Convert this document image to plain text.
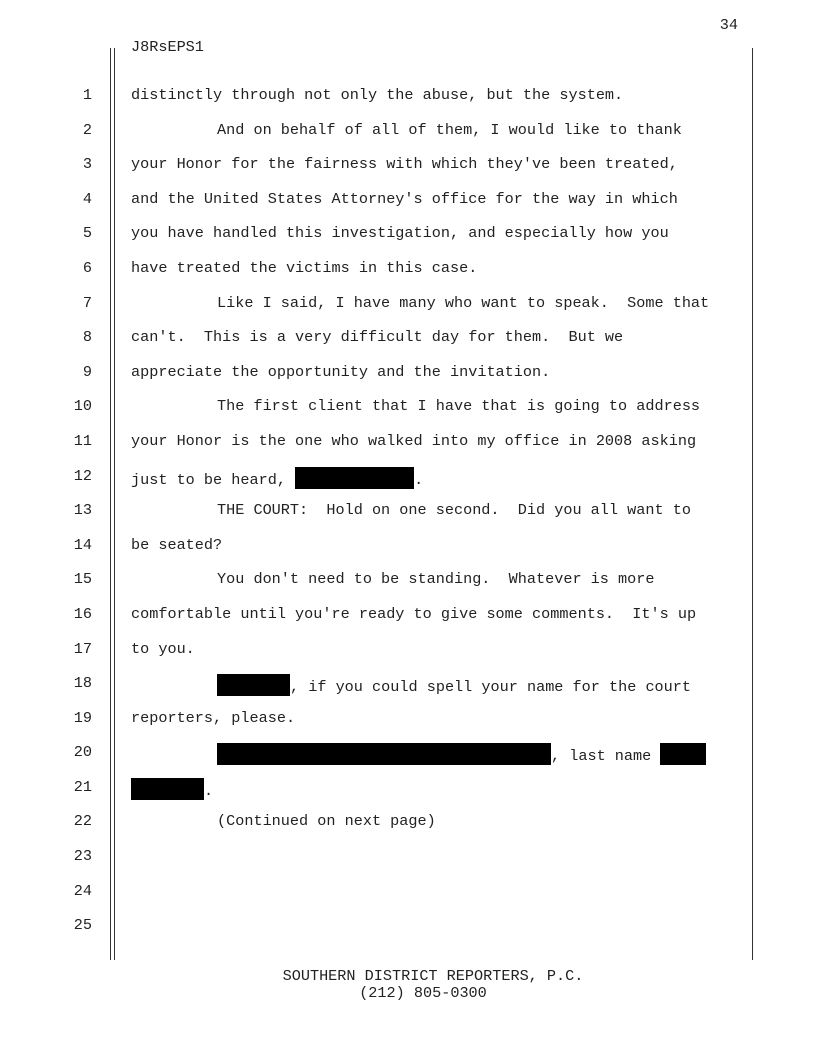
34
J8RsEPS1
1	distinctly through not only the abuse, but the system.
2	And on behalf of all of them, I would like to thank
3	your Honor for the fairness with which they've been treated,
4	and the United States Attorney's office for the way in which
5	you have handled this investigation, and especially how you
6	have treated the victims in this case.
7	Like I said, I have many who want to speak.  Some that
8	can't.  This is a very difficult day for them.  But we
9	appreciate the opportunity and the invitation.
10	The first client that I have that is going to address
11	your Honor is the one who walked into my office in 2008 asking
12	just to be heard,	.
13	THE COURT:  Hold on one second.  Did you all want to
14	be seated?
15	You don't need to be standing.  Whatever is more
16	comfortable until you're ready to give some comments.  It's up
17	to you.
18	, if you could spell your name for the court
19	reporters, please.
20	, last name
21	.
22	(Continued on next page)
23
24
25
SOUTHERN DISTRICT REPORTERS, P.C.
(212) 805-0300
